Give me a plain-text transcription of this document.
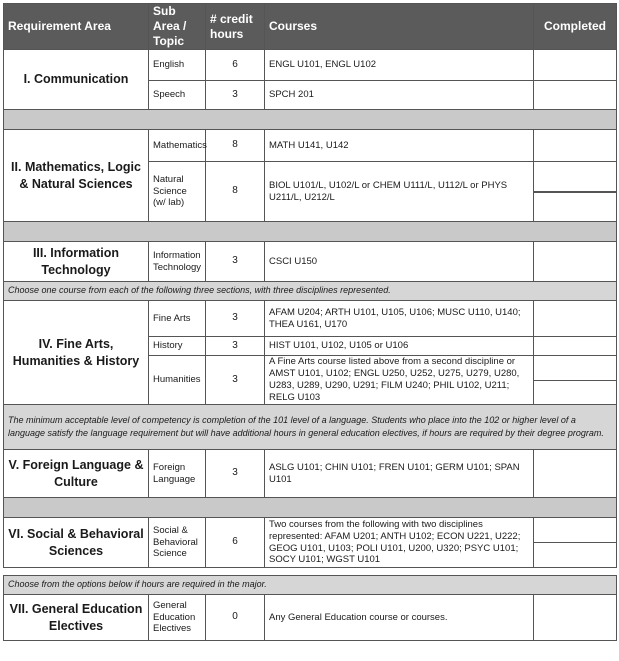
Requirement Area	Sub Area / Topic	# credit hours	Courses	Completed
I. Communication	English	6	ENGL U101, ENGL U102	

	Speech	3	SPCH 201	

II. Mathematics, Logic & Natural Sciences	Mathematics	8	MATH U141, U142	

	Natural Science (w/ lab)	8	BIOL U101/L, U102/L or CHEM U111/L, U112/L or PHYS U211/L, U212/L	

III. Information Technology	Information Technology	3	CSCI U150	
Choose one course from each of the following three sections, with three disciplines represented.				
IV. Fine Arts, Humanities & History	Fine Arts	3	AFAM U204; ARTH U101, U105, U106; MUSC U110, U140; THEA U161, U170	
	History	3	HIST U101, U102, U105 or U106	
	Humanities	3	A Fine Arts course listed above from a second discipline or AMST U101, U102; ENGL U250, U252, U275, U279, U280, U283, U289, U290, U291; FILM U240; PHIL U102, U211; RELG U103	

The minimum acceptable level of competency is completion of the 101 level of a language. Students who place into the 102 or higher level of a language satisfy the language requirement but will have additional hours in general education electives, if hours are required by their degree program.				
V. Foreign Language & Culture	Foreign Language	3	ASLG U101; CHIN U101; FREN U101; GERM U101; SPAN U101	

VI. Social & Behavioral Sciences	Social & Behavioral Science	6	Two courses from the following with two disciplines represented: AFAM U201; ANTH U102; ECON U221, U222; GEOG U101, U103; POLI U101, U200, U320; PSYC U101; SOCY U101; WGST U101	
Choose from the options below if hours are required in the major.
VII. General Education Electives	General Education Electives	0	Any General Education course or courses.	
